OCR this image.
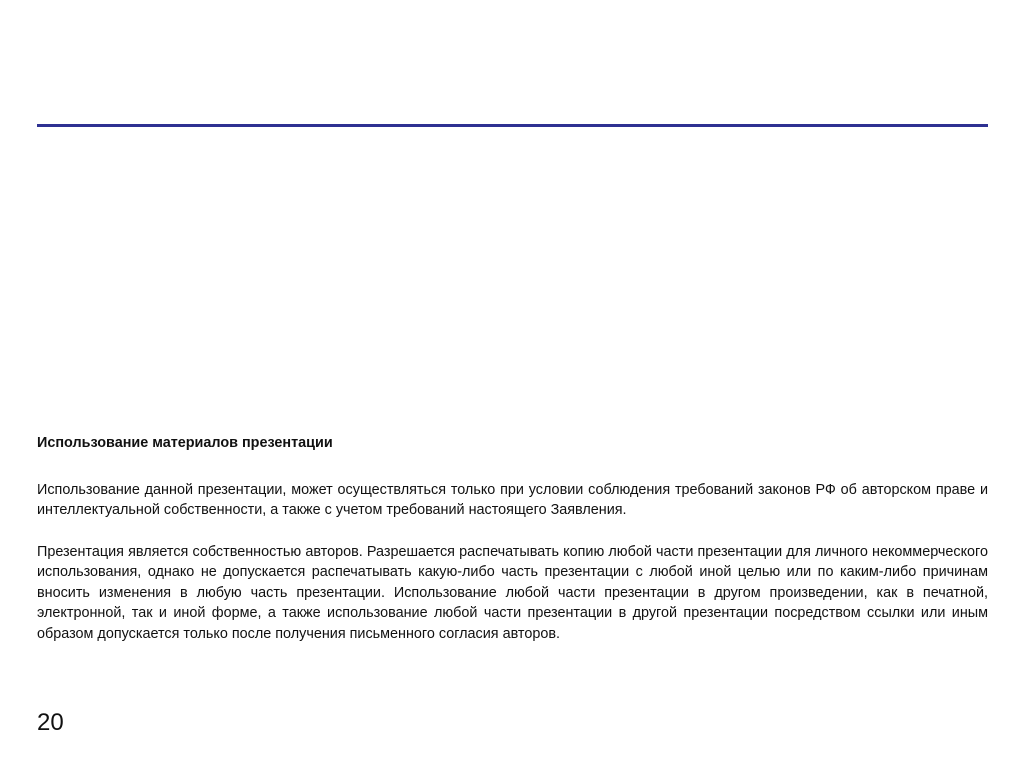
Использование материалов презентации

Использование данной презентации, может осуществляться только при условии соблюдения требований законов РФ об авторском праве и интеллектуальной собственности, а также с учетом требований настоящего Заявления.

Презентация является собственностью авторов. Разрешается распечатывать копию любой части презентации для личного некоммерческого использования, однако не допускается распечатывать какую-либо часть презентации с любой иной целью или по каким-либо причинам вносить изменения в любую часть презентации. Использование любой части презентации в другом произведении, как в печатной, электронной, так и иной форме, а также использование любой части презентации в другой презентации посредством ссылки или иным образом допускается только после получения письменного согласия авторов.

20
